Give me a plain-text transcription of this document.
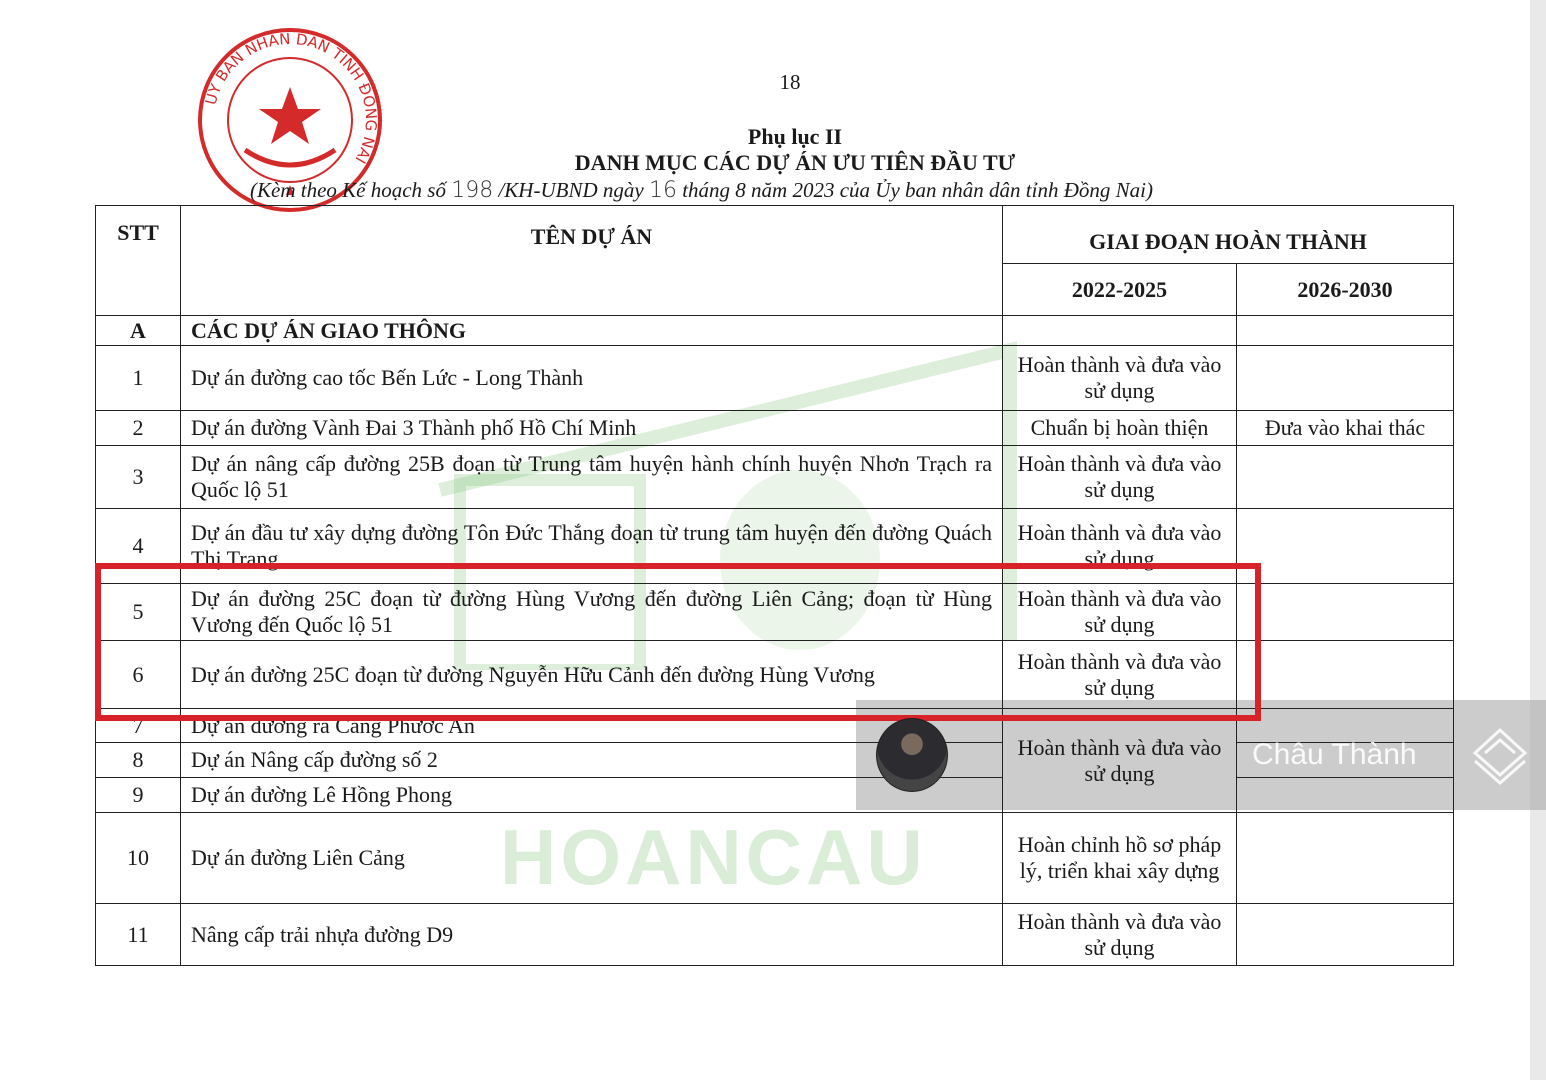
ỦY BAN NHÂN DÂN TỈNH ĐỒNG NAI
18
Phụ lục II
DANH MỤC CÁC DỰ ÁN ƯU TIÊN ĐẦU TƯ
(Kèm theo Kế hoạch số 198 /KH-UBND ngày 16 tháng 8 năm 2023 của Ủy ban nhân dân tỉnh Đồng Nai)
HOANCAU
STT	TÊN DỰ ÁN	GIAI ĐOẠN HOÀN THÀNH	
		2022-2025	2026-2030
A	CÁC DỰ ÁN GIAO THÔNG		
1	Dự án đường cao tốc Bến Lức - Long Thành	Hoàn thành và đưa vào sử dụng	
2	Dự án đường Vành Đai 3 Thành phố Hồ Chí Minh	Chuẩn bị hoàn thiện	Đưa vào khai thác
3	Dự án nâng cấp đường 25B đoạn từ Trung tâm huyện hành chính huyện Nhơn Trạch ra Quốc lộ 51	Hoàn thành và đưa vào sử dụng	
4	Dự án đầu tư xây dựng đường Tôn Đức Thắng đoạn từ trung tâm huyện đến đường Quách Thị Trang	Hoàn thành và đưa vào sử dụng	
5	Dự án đường 25C đoạn từ đường Hùng Vương đến đường Liên Cảng; đoạn từ Hùng Vương đến Quốc lộ 51	Hoàn thành và đưa vào sử dụng	
6	Dự án đường 25C đoạn từ đường Nguyễn Hữu Cảnh đến đường Hùng Vương	Hoàn thành và đưa vào sử dụng	
7	Dự án đường ra Cảng Phước An	Hoàn thành và đưa vào sử dụng	
8	Dự án Nâng cấp đường số 2		
9	Dự án đường Lê Hồng Phong		
10	Dự án đường Liên Cảng	Hoàn chỉnh hồ sơ pháp lý, triển khai xây dựng	
11	Nâng cấp trải nhựa đường D9	Hoàn thành và đưa vào sử dụng	
Châu Thành
